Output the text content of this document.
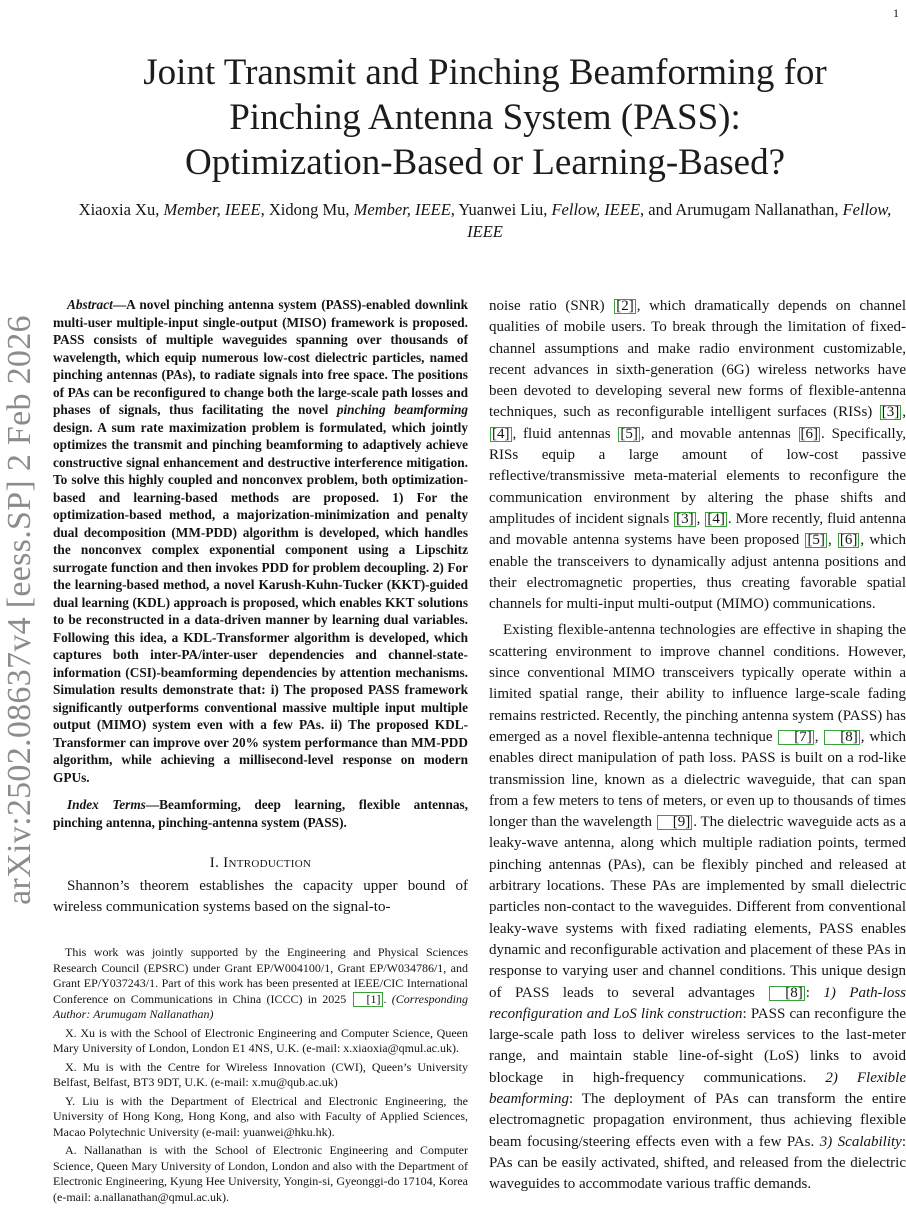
1
arXiv:2502.08637v4 [eess.SP] 2 Feb 2026
Joint Transmit and Pinching Beamforming for
Pinching Antenna System (PASS):
Optimization-Based or Learning-Based?
Xiaoxia Xu, Member, IEEE, Xidong Mu, Member, IEEE, Yuanwei Liu, Fellow, IEEE, and Arumugam Nallanathan, Fellow, IEEE

Abstract—A novel pinching antenna system (PASS)-enabled downlink multi-user multiple-input single-output (MISO) framework is proposed. PASS consists of multiple waveguides spanning over thousands of wavelength, which equip numerous low-cost dielectric particles, named pinching antennas (PAs), to radiate signals into free space. The positions of PAs can be reconfigured to change both the large-scale path losses and phases of signals, thus facilitating the novel pinching beamforming design. A sum rate maximization problem is formulated, which jointly optimizes the transmit and pinching beamforming to adaptively achieve constructive signal enhancement and destructive interference mitigation. To solve this highly coupled and nonconvex problem, both optimization-based and learning-based methods are proposed. 1) For the optimization-based method, a majorization-minimization and penalty dual decomposition (MM-PDD) algorithm is developed, which handles the nonconvex complex exponential component using a Lipschitz surrogate function and then invokes PDD for problem decoupling. 2) For the learning-based method, a novel Karush-Kuhn-Tucker (KKT)-guided dual learning (KDL) approach is proposed, which enables KKT solutions to be reconstructed in a data-driven manner by learning dual variables. Following this idea, a KDL-Transformer algorithm is developed, which captures both inter-PA/inter-user dependencies and channel-state-information (CSI)-beamforming dependencies by attention mechanisms. Simulation results demonstrate that: i) The proposed PASS framework significantly outperforms conventional massive multiple input multiple output (MIMO) system even with a few PAs. ii) The proposed KDL-Transformer can improve over 20% system performance than MM-PDD algorithm, while achieving a millisecond-level response on modern GPUs.

Index Terms—Beamforming, deep learning, flexible antennas, pinching antenna, pinching-antenna system (PASS).

I. Introduction

Shannon’s theorem establishes the capacity upper bound of wireless communication systems based on the signal-to-

This work was jointly supported by the Engineering and Physical Sciences Research Council (EPSRC) under Grant EP/W004100/1, Grant EP/W034786/1, and Grant EP/Y037243/1. Part of this work has been presented at IEEE/CIC International Conference on Communications in China (ICCC) in 2025 [1] . (Corresponding Author: Arumugam Nallanathan)

X. Xu is with the School of Electronic Engineering and Computer Science, Queen Mary University of London, London E1 4NS, U.K. (e-mail: x.xiaoxia@qmul.ac.uk).

X. Mu is with the Centre for Wireless Innovation (CWI), Queen’s University Belfast, Belfast, BT3 9DT, U.K. (e-mail: x.mu@qub.ac.uk)

Y. Liu is with the Department of Electrical and Electronic Engineering, the University of Hong Kong, Hong Kong, and also with Faculty of Applied Sciences, Macao Polytechnic University (e-mail: yuanwei@hku.hk).

A. Nallanathan is with the School of Electronic Engineering and Computer Science, Queen Mary University of London, London and also with the Department of Electronic Engineering, Kyung Hee University, Yongin-si, Gyeonggi-do 17104, Korea (e-mail: a.nallanathan@qmul.ac.uk).

noise ratio (SNR) [2] , which dramatically depends on channel qualities of mobile users. To break through the limitation of fixed-channel assumptions and make radio environment customizable, recent advances in sixth-generation (6G) wireless networks have been devoted to developing several new forms of flexible-antenna techniques, such as reconfigurable intelligent surfaces (RISs) [3] , [4] , fluid antennas [5] , and movable antennas [6] . Specifically, RISs equip a large amount of low-cost passive reflective/transmissive meta-material elements to reconfigure the communication environment by altering the phase shifts and amplitudes of incident signals [3] , [4] . More recently, fluid antenna and movable antenna systems have been proposed [5] , [6] , which enable the transceivers to dynamically adjust antenna positions and their electromagnetic properties, thus creating favorable spatial channels for multi-input multi-output (MIMO) communications.

Existing flexible-antenna technologies are effective in shaping the scattering environment to improve channel conditions. However, since conventional MIMO transceivers typically operate within a limited spatial range, their ability to influence large-scale fading remains restricted. Recently, the pinching antenna system (PASS) has emerged as a novel flexible-antenna technique [7] , [8] , which enables direct manipulation of path loss. PASS is built on a rod-like transmission line, known as a dielectric waveguide, that can span from a few meters to tens of meters, or even up to thousands of times longer than the wavelength [9] . The dielectric waveguide acts as a leaky-wave antenna, along which multiple radiation points, termed pinching antennas (PAs), can be flexibly pinched and released at arbitrary locations. These PAs are implemented by small dielectric particles non-contact to the waveguides. Different from conventional leaky-wave systems with fixed radiating elements, PASS enables dynamic and reconfigurable activation and placement of these PAs in response to varying user and channel conditions. This unique design of PASS leads to several advantages [8] : 1) Path-loss reconfiguration and LoS link construction: PASS can reconfigure the large-scale path loss to deliver wireless services to the last-meter range, and maintain stable line-of-sight (LoS) links to avoid blockage in high-frequency communications. 2) Flexible beamforming: The deployment of PAs can transform the entire electromagnetic propagation environment, thus achieving flexible beam focusing/steering effects even with a few PAs. 3) Scalability: PAs can be easily activated, shifted, and released from the dielectric waveguides to accommodate various traffic demands.
